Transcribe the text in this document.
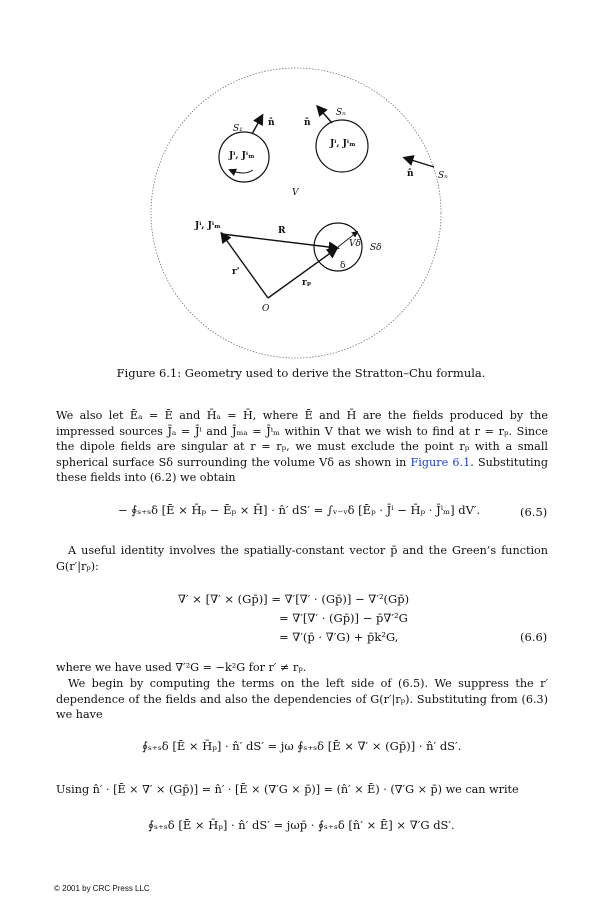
S₁
n̂
Jⁱ, Jⁱₘ
n̂
Sₙ
Jⁱ, Jⁱₘ
n̂	Sₙ
V
Jⁱ, Jⁱₘ	R
Vδ Sδ
δ
r'
rₚ
O
Figure 6.1: Geometry used to derive the Stratton–Chu formula.
We also let Ēₐ = Ē and H̄ₐ = H̄, where Ē and H̄ are the fields produced by the impressed sources J̄ₐ = J̄ⁱ and J̄ₘₐ = J̄ⁱₘ within V that we wish to find at r = rₚ. Since the dipole fields are singular at r = rₚ, we must exclude the point rₚ with a small spherical surface Sδ surrounding the volume Vδ as shown in Figure 6.1. Substituting these fields into (6.2) we obtain
− ∮ₛ₊ₛδ [Ē × H̄ₚ − Ēₚ × H̄] · n̂′ dS′ = ∫ᵥ₋ᵥδ [Ēₚ · J̄ⁱ − H̄ₚ · J̄ⁱₘ] dV′.	(6.5)
A useful identity involves the spatially-constant vector p̄ and the Green’s function G(r′|rₚ):
∇′ × [∇′ × (Gp̄)] = ∇′[∇′ · (Gp̄)] − ∇′²(Gp̄)
= ∇′[∇′ · (Gp̄)] − p̄∇′²G
= ∇′(p̄ · ∇′G) + p̄k²G,	(6.6)
where we have used ∇′²G = −k²G for r′ ≠ rₚ.
We begin by computing the terms on the left side of (6.5). We suppress the r′ dependence of the fields and also the dependencies of G(r′|rₚ). Substituting from (6.3) we have
∮ₛ₊ₛδ [Ē × H̄ₚ] · n̂′ dS′ = jω ∮ₛ₊ₛδ [Ē × ∇′ × (Gp̄)] · n̂′ dS′.
Using n̂′ · [Ē × ∇′ × (Gp̄)] = n̂′ · [Ē × (∇′G × p̄)] = (n̂′ × Ē) · (∇′G × p̄) we can write
∮ₛ₊ₛδ [Ē × H̄ₚ] · n̂′ dS′ = jωp̄ · ∮ₛ₊ₛδ [n̂′ × Ē] × ∇′G dS′.
© 2001 by CRC Press LLC
